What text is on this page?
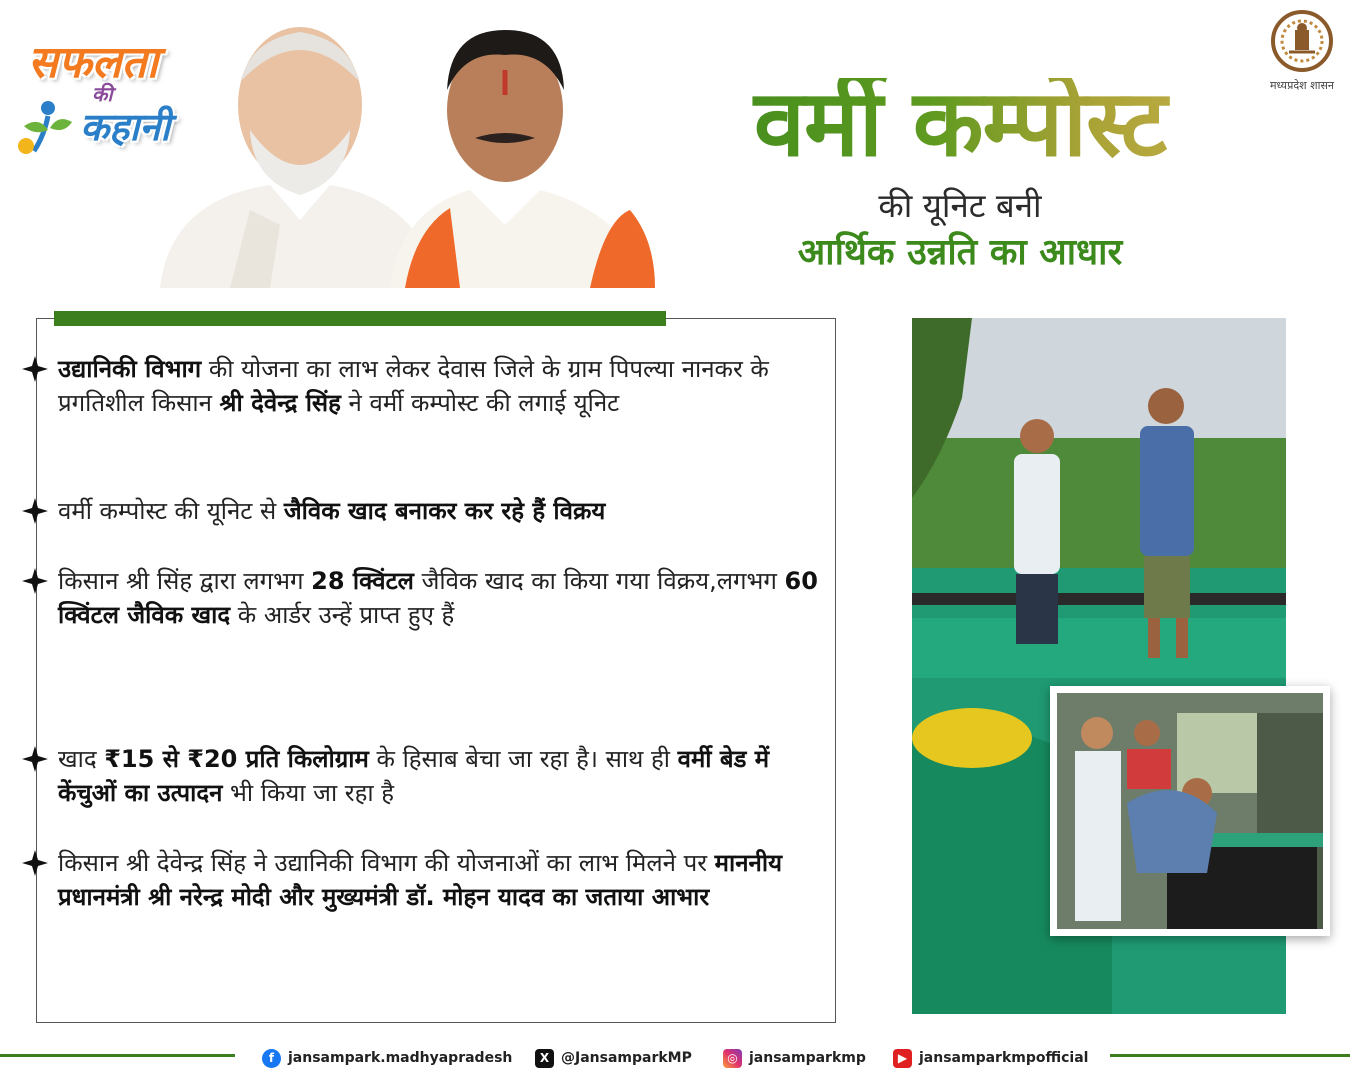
सफलता
की
कहानी
मध्यप्रदेश शासन
वर्मी कम्पोस्ट
की यूनिट बनी
आर्थिक उन्नति का आधार
उद्यानिकी विभाग की योजना का लाभ लेकर देवास जिले के ग्राम पिपल्या नानकर के प्रगतिशील किसान श्री देवेन्द्र सिंह ने वर्मी कम्पोस्ट की लगाई यूनिट
वर्मी कम्पोस्ट की यूनिट से जैविक खाद बनाकर कर रहे हैं विक्रय
किसान श्री सिंह द्वारा लगभग 28 क्विंटल जैविक खाद का किया गया विक्रय,लगभग 60 क्विंटल जैविक खाद के आर्डर उन्हें प्राप्त हुए हैं
खाद ₹15 से ₹20 प्रति किलोग्राम के हिसाब बेचा जा रहा है। साथ ही वर्मी बेड में केंचुओं का उत्पादन भी किया जा रहा है
किसान श्री देवेन्द्र सिंह ने उद्यानिकी विभाग की योजनाओं का लाभ मिलने पर माननीय प्रधानमंत्री श्री नरेन्द्र मोदी और मुख्यमंत्री डॉ. मोहन यादव का जताया आभार
f jansampark.madhyapradesh	X @JansamparkMP	◎ jansamparkmp	▶ jansamparkmpofficial
